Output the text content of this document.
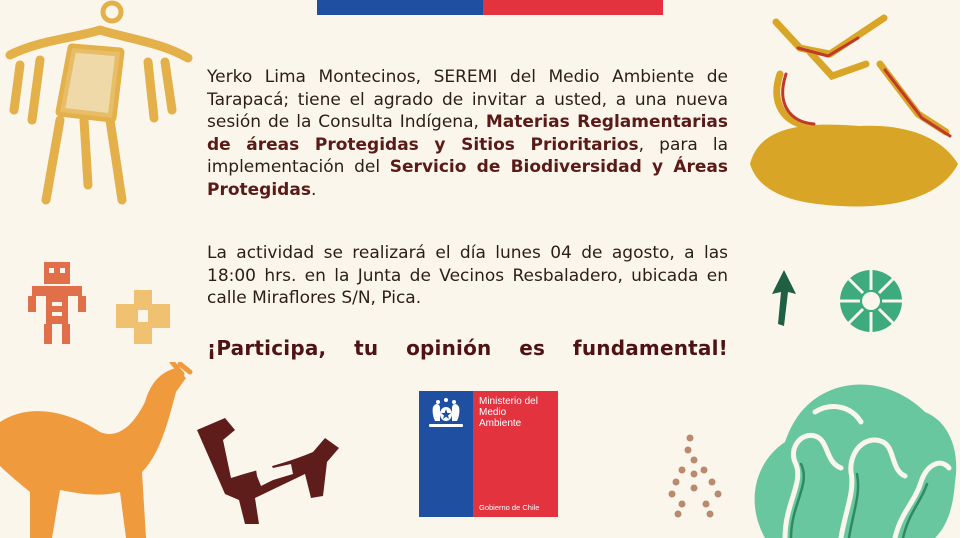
Yerko Lima Montecinos, SEREMI del Medio Ambiente de Tarapacá; tiene el agrado de invitar a usted, a una nueva sesión de la Consulta Indígena, Materias Reglamentarias de áreas Protegidas y Sitios Prioritarios, para la implementación del Servicio de Biodiversidad y Áreas Protegidas.
La actividad se realizará el día lunes 04 de agosto, a las 18:00 hrs. en la Junta de Vecinos Resbaladero, ubicada en calle Miraflores S/N, Pica.
¡Participa, tu opinión es fundamental!
Ministerio del
Medio
Ambiente
Gobierno de Chile
